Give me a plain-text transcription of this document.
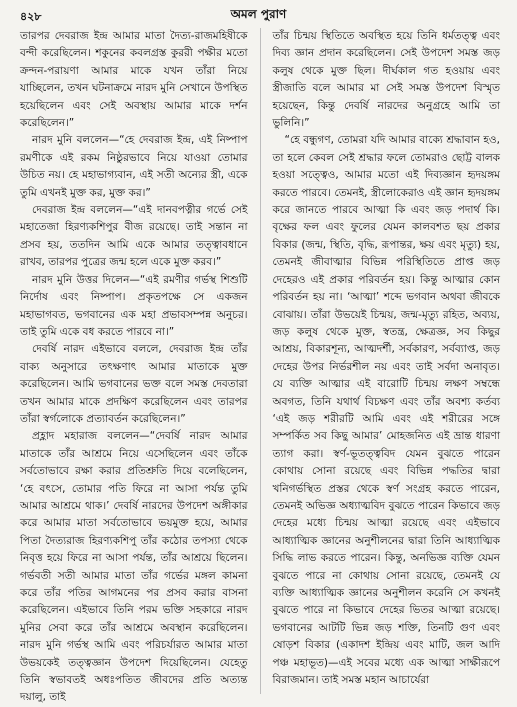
৪২৮	অমল পুরাণ

তারপর দেবরাজ ইন্দ্র আমার মাতা দৈত্য-রাজমহিষীকে বন্দী করেছিলেন। শকুনের কবলগ্রস্ত কুররী পক্ষীর মতো ক্রন্দন-পরায়ণা আমার মাকে যখন তাঁরা নিয়ে যাচ্ছিলেন, তখন ঘটনাক্রমে নারদ মুনি সেখানে উপস্থিত হয়েছিলেন এবং সেই অবস্থায় আমার মাকে দর্শন করেছিলেন।”

নারদ মুনি বললেন—“হে দেবরাজ ইন্দ্র, এই নিষ্পাপ রমণীকে এই রকম নিষ্ঠুরভাবে নিয়ে যাওয়া তোমার উচিত নয়। হে মহাভাগ্যবান, এই সতী অন্যের স্ত্রী, একে তুমি এখনই মুক্ত কর, মুক্ত কর।”

দেবরাজ ইন্দ্র বললেন—“এই দানবপত্নীর গর্ভে সেই মহাতেজা হিরণ্যকশিপুর বীজ রয়েছে। তাই সন্তান না প্রসব হয়, ততদিন আমি একে আমার তত্ত্বাবধানে রাখব, তারপর পুত্রের জন্ম হলে একে মুক্ত করব।”

নারদ মুনি উত্তর দিলেন—“এই রমণীর গর্ভস্থ শিশুটি নির্দোষ এবং নিষ্পাপ। প্রকৃতপক্ষে সে একজন মহাভাগবত, ভগবানের এক মহা প্রভাবসম্পন্ন অনুচর। তাই তুমি একে বধ করতে পারবে না।”

দেবর্ষি নারদ এইভাবে বললে, দেবরাজ ইন্দ্র তাঁর বাক্য অনুসারে তৎক্ষণাৎ আমার মাতাকে মুক্ত করেছিলেন। আমি ভগবানের ভক্ত বলে সমস্ত দেবতারা তখন আমার মাকে প্রদক্ষিণ করেছিলেন এবং তারপর তাঁরা স্বর্গলোকে প্রত্যাবর্তন করেছিলেন।”

প্রহ্লাদ মহারাজ বললেন—“দেবর্ষি নারদ আমার মাতাকে তাঁর আশ্রমে নিয়ে এসেছিলেন এবং তাঁকে সর্বতোভাবে রক্ষা করার প্রতিশ্রুতি দিয়ে বলেছিলেন, ‘হে বৎসে, তোমার পতি ফিরে না আসা পর্যন্ত তুমি আমার আশ্রমে থাক।’ দেবর্ষি নারদের উপদেশ অঙ্গীকার করে আমার মাতা সর্বতোভাবে ভয়মুক্ত হয়ে, আমার পিতা দৈত্যরাজ হিরণ্যকশিপু তাঁর কঠোর তপস্যা থেকে নিবৃত্ত হয়ে ফিরে না আসা পর্যন্ত, তাঁর আশ্রয়ে ছিলেন। গর্ভবতী সতী আমার মাতা তাঁর গর্ভের মঙ্গল কামনা করে তাঁর পতির আগমনের পর প্রসব করার বাসনা করেছিলেন। এইভাবে তিনি পরম ভক্তি সহকারে নারদ মুনির সেবা করে তাঁর আশ্রমে অবস্থান করেছিলেন। নারদ মুনি গর্ভস্থ আমি এবং পরিচর্যারত আমার মাতা উভয়কেই তত্ত্বজ্ঞান উপদেশ দিয়েছিলেন। যেহেতু তিনি স্বভাবতই অধঃপতিত জীবদের প্রতি অত্যন্ত দয়ালু, তাই

তাঁর চিন্ময় স্থিতিতে অবস্থিত হয়ে তিনি ধর্মতত্ত্ব এবং দিব্য জ্ঞান প্রদান করেছিলেন। সেই উপদেশ সমস্ত জড় কলুষ থেকে মুক্ত ছিল। দীর্ঘকাল গত হওয়ায় এবং স্ত্রীজাতি বলে আমার মা সেই সমস্ত উপদেশ বিস্মৃত হয়েছেন, কিন্তু দেবর্ষি নারদের অনুগ্রহে আমি তা ভুলিনি।”

“হে বন্ধুগণ, তোমরা যদি আমার বাক্যে শ্রদ্ধাবান হও, তা হলে কেবল সেই শ্রদ্ধার ফলে তোমরাও ছোট্ট বালক হওয়া সত্ত্বেও, আমার মতো এই দিব্যজ্ঞান হৃদয়ঙ্গম করতে পারবে। তেমনই, স্ত্রীলোকেরাও এই জ্ঞান হৃদয়ঙ্গম করে জানতে পারবে আত্মা কি এবং জড় পদার্থ কি। বৃক্ষের ফল এবং ফুলের যেমন কালবশত ছয় প্রকার বিকার (জন্ম, স্থিতি, বৃদ্ধি, রূপান্তর, ক্ষয় এবং মৃত্যু) হয়, তেমনই জীবাত্মার বিভিন্ন পরিস্থিতিতে প্রাপ্ত জড় দেহেরও এই প্রকার পরিবর্তন হয়। কিন্তু আত্মার কোন পরিবর্তন হয় না। ‘আত্মা’ শব্দে ভগবান অথবা জীবকে বোঝায়। তাঁরা উভয়েই চিন্ময়, জন্ম-মৃত্যু রহিত, অব্যয়, জড় কলুষ থেকে মুক্ত, স্বতন্ত্র, ক্ষেত্রজ্ঞ, সব কিছুর আশ্রয়, বিকারশূন্য, আত্মদর্শী, সর্বকারণ, সর্বব্যাপ্ত, জড় দেহের উপর নির্ভরশীল নয় এবং তাই সর্বদা অনাবৃত। যে ব্যক্তি আত্মার এই বারোটি চিন্ময় লক্ষণ সম্বন্ধে অবগত, তিনি যথার্থ বিচক্ষণ এবং তাঁর অবশ্য কর্তব্য ‘এই জড় শরীরটি আমি এবং এই শরীরের সঙ্গে সম্পর্কিত সব কিছু আমার’ মোহজনিত এই ভ্রান্ত ধারণা ত্যাগ করা। স্বর্ণ-ভূতত্ত্ববিদ যেমন বুঝতে পারেন কোথায় সোনা রয়েছে এবং বিভিন্ন পদ্ধতির দ্বারা খনিগর্ভস্থিত প্রস্তর থেকে স্বর্ণ সংগ্রহ করতে পারেন, তেমনই অভিজ্ঞ অধ্যাত্মবিদ বুঝতে পারেন কিভাবে জড় দেহের মধ্যে চিন্ময় আত্মা রয়েছে এবং এইভাবে আধ্যাত্মিক জ্ঞানের অনুশীলনের দ্বারা তিনি আধ্যাত্মিক সিদ্ধি লাভ করতে পারেন। কিন্তু, অনভিজ্ঞ ব্যক্তি যেমন বুঝতে পারে না কোথায় সোনা রয়েছে, তেমনই যে ব্যক্তি আধ্যাত্মিক জ্ঞানের অনুশীলন করেনি সে কখনই বুঝতে পারে না কিভাবে দেহের ভিতর আত্মা রয়েছে। ভগবানের আটটি ভিন্ন জড় শক্তি, তিনটি গুণ এবং ষোড়শ বিকার (একাদশ ইন্দ্রিয় এবং মাটি, জল আদি পঞ্চ মহাভূত)—এই সবের মধ্যে এক আত্মা সাক্ষীরূপে বিরাজমান। তাই সমস্ত মহান আচার্যেরা
